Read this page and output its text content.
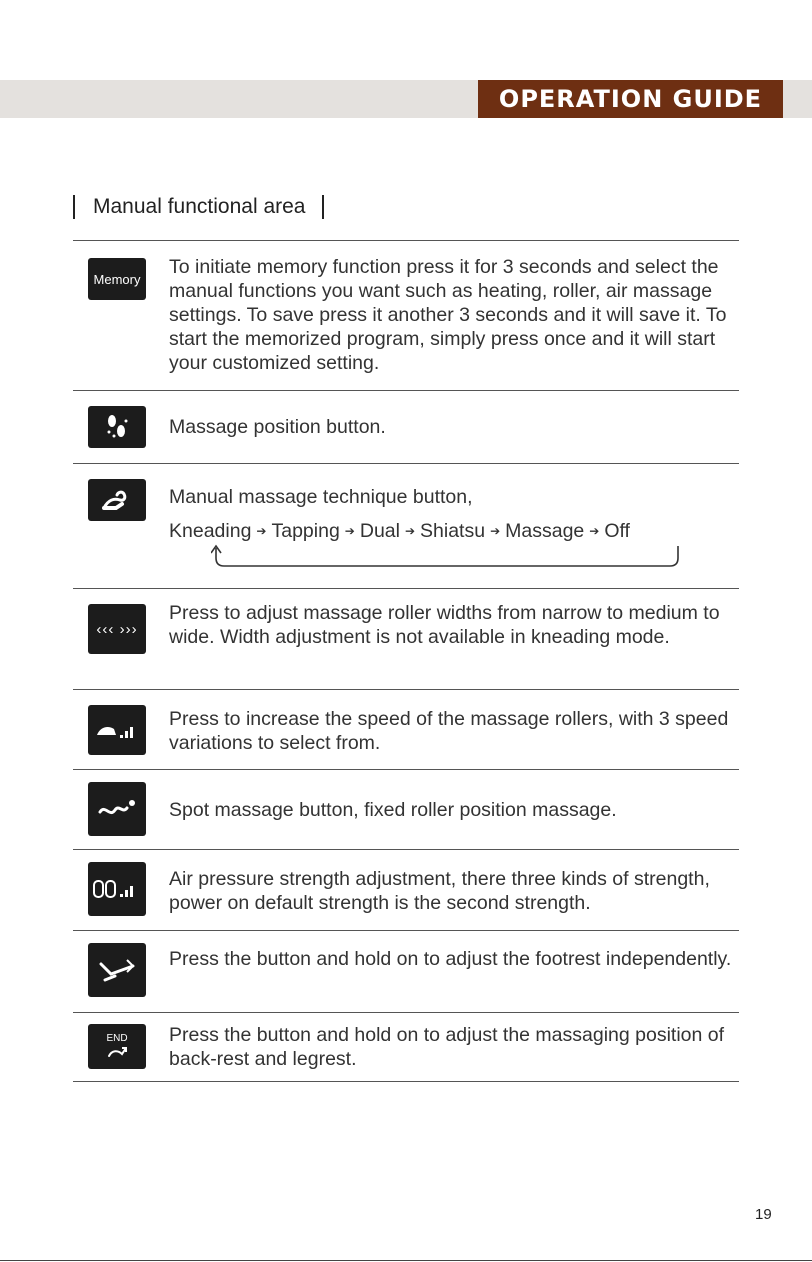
OPERATION GUIDE
Manual functional area
Memory
To initiate memory function press it for 3 seconds and select the manual functions you want such as heating, roller, air massage settings. To save press it another 3 seconds and it will save it. To start the memorized program, simply press once and it will start your customized setting.
Massage position button.
Manual massage technique button,
Kneading ➔ Tapping ➔ Dual ➔ Shiatsu ➔ Massage ➔ Off
‹‹‹ ›››
Press to adjust massage roller widths from narrow to medium to wide. Width adjustment is not available in kneading mode.
Press to increase the speed of the massage rollers, with 3 speed variations to select from.
Spot massage button, fixed roller position massage.
Air pressure strength adjustment, there three kinds of strength, power on default strength is the second strength.
Press the button and hold on to adjust the footrest independently.
END Press the button and hold on to adjust the massaging position of back-rest and legrest.
19
